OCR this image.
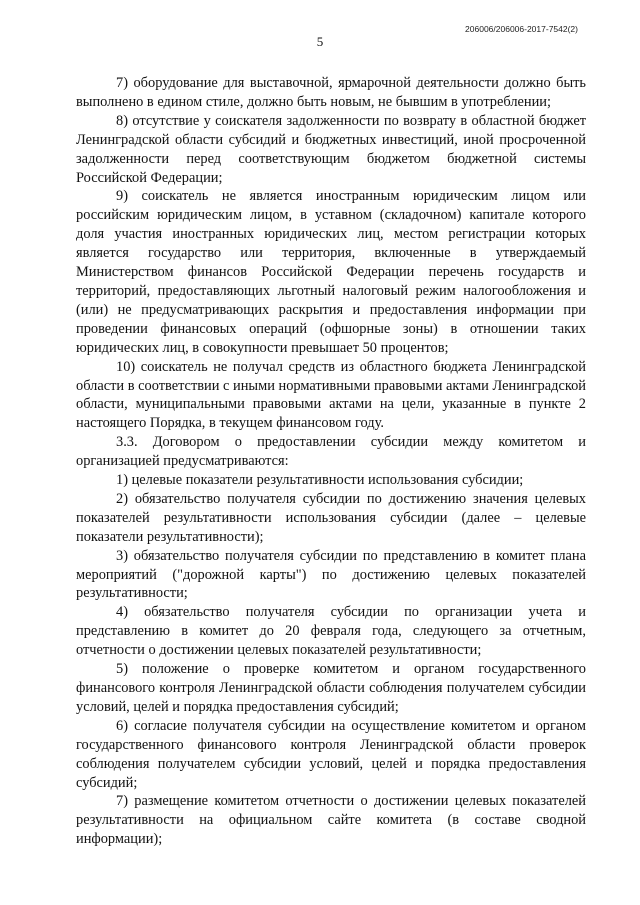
206006/206006-2017-7542(2)
5

7) оборудование для выставочной, ярмарочной деятельности должно быть выполнено в едином стиле, должно быть новым, не бывшим в употреблении;

8) отсутствие у соискателя задолженности по возврату в областной бюджет Ленинградской области субсидий и бюджетных инвестиций, иной просроченной задолженности перед соответствующим бюджетом бюджетной системы Российской Федерации;

9) соискатель не является иностранным юридическим лицом или российским юридическим лицом, в уставном (складочном) капитале которого доля участия иностранных юридических лиц, местом регистрации которых является государство или территория, включенные в утверждаемый Министерством финансов Российской Федерации перечень государств и территорий, предоставляющих льготный налоговый режим налогообложения и (или) не предусматривающих раскрытия и предоставления информации при проведении финансовых операций (офшорные зоны) в отношении таких юридических лиц, в совокупности превышает 50 процентов;

10) соискатель не получал средств из областного бюджета Ленинградской области в соответствии с иными нормативными правовыми актами Ленинградской области, муниципальными правовыми актами на цели, указанные в пункте 2 настоящего Порядка, в текущем финансовом году.

3.3. Договором о предоставлении субсидии между комитетом и организацией предусматриваются:

1) целевые показатели результативности использования субсидии;

2) обязательство получателя субсидии по достижению значения целевых показателей результативности использования субсидии (далее – целевые показатели результативности);

3) обязательство получателя субсидии по представлению в комитет плана мероприятий ("дорожной карты") по достижению целевых показателей результативности;

4) обязательство получателя субсидии по организации учета и представлению в комитет до 20 февраля года, следующего за отчетным, отчетности о достижении целевых показателей результативности;

5) положение о проверке комитетом и органом государственного финансового контроля Ленинградской области соблюдения получателем субсидии условий, целей и порядка предоставления субсидий;

6) согласие получателя субсидии на осуществление комитетом и органом государственного финансового контроля Ленинградской области проверок соблюдения получателем субсидии условий, целей и порядка предоставления субсидий;

7) размещение комитетом отчетности о достижении целевых показателей результативности на официальном сайте комитета (в составе сводной информации);
